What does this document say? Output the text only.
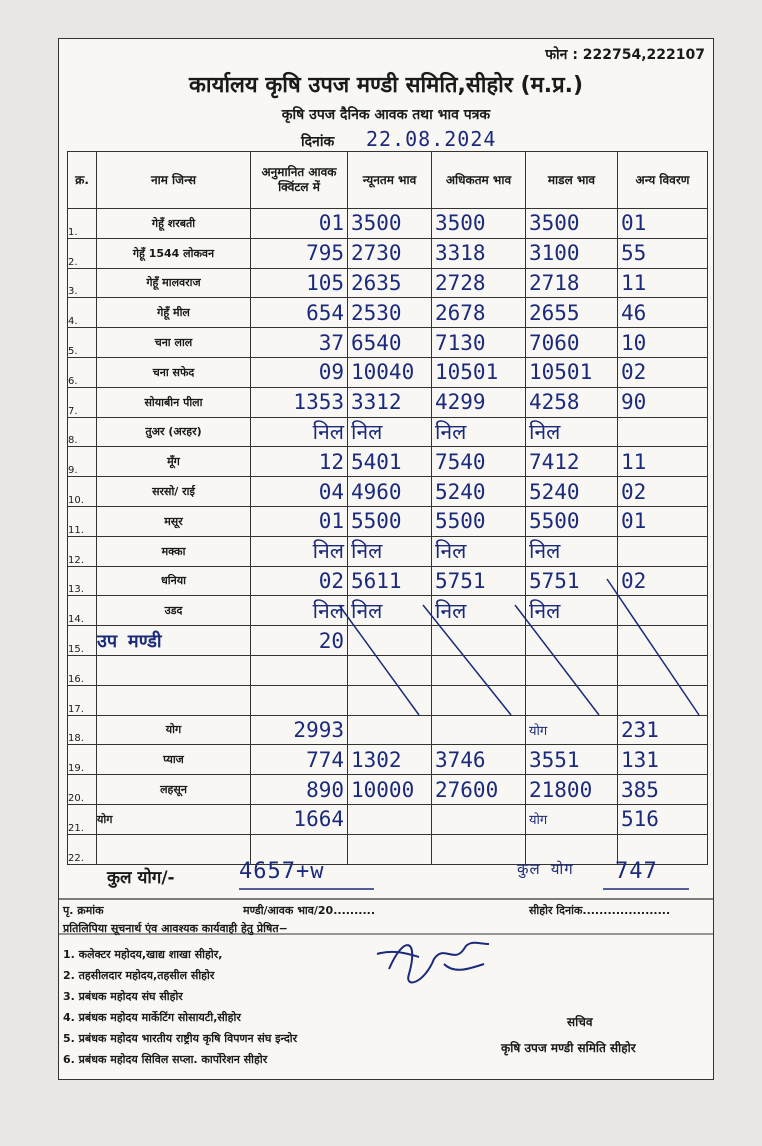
फोन : 222754,222107
कार्यालय कृषि उपज मण्डी समिति,सीहोर (म.प्र.)
कृषि उपज दैनिक आवक तथा भाव पत्रक
दिनांक 22.08.2024
क्र.	नाम जिन्स	अनुमानित आवक क्विंटल में	न्यूनतम भाव	अधिकतम भाव	माडल भाव	अन्य विवरण
1.	गेहूँ शरबती	01	3500	3500	3500	01
2.	गेहूँ 1544 लोकवन	795	2730	3318	3100	55
3.	गेहूँ मालवराज	105	2635	2728	2718	11
4.	गेहूँ मील	654	2530	2678	2655	46
5.	चना लाल	37	6540	7130	7060	10
6.	चना सफेद	09	10040	10501	10501	02
7.	सोयाबीन पीला	1353	3312	4299	4258	90
8.	तुअर (अरहर)	निल	निल	निल	निल	
9.	मूँग	12	5401	7540	7412	11
10.	सरसो/ राई	04	4960	5240	5240	02
11.	मसूर	01	5500	5500	5500	01
12.	मक्का	निल	निल	निल	निल	
13.	धनिया	02	5611	5751	5751	02
14.	उडद	निल	निल	निल	निल	
15.	उप मण्डी	20				
16.						
17.						
18.	योग	2993			योग	231
19.	प्याज	774	1302	3746	3551	131
20.	लहसून	890	10000	27600	21800	385
21.	योग	1664			योग	516
22.						
कुल योग/-	4657+w	कुल योग 747
पृ. क्रमांक	मण्डी/आवक भाव/20..........	सीहोर दिनांक.....................
प्रतिलिपिया सूचनार्थ एंव आवश्यक कार्यवाही हेतु प्रेषित−
1. कलेक्टर महोदय,खाद्य शाखा सीहोर,
2. तहसीलदार महोदय,तहसील सीहोर
3. प्रबंधक महोदय संघ सीहोर
4. प्रबंधक महोदय मार्केटिंग सोसायटी,सीहोर
5. प्रबंधक महोदय भारतीय राष्ट्रीय कृषि विपणन संघ इन्दोर
6. प्रबंधक महोदय सिविल सप्ला. कार्पोरेशन सीहोर
सचिव
कृषि उपज मण्डी समिति सीहोर
